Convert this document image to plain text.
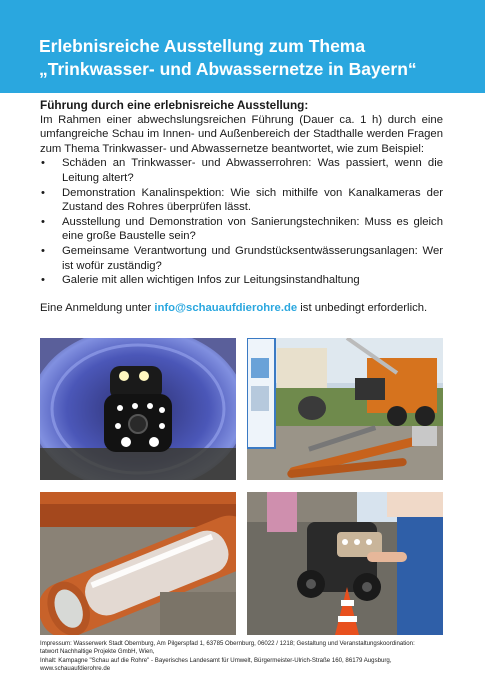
Erlebnisreiche Ausstellung zum Thema
„Trinkwasser- und Abwassernetze in Bayern“

Führung durch eine erlebnisreiche Ausstellung:

Im Rahmen einer abwechslungsreichen Führung (Dauer ca. 1 h) durch eine umfangreiche Schau im Innen- und Außenbereich der Stadthalle werden Fragen zum Thema Trinkwasser- und Abwassernetze beantwortet, wie zum Beispiel:

• Schäden an Trinkwasser- und Abwasserrohren: Was passiert, wenn die Leitung altert?
• Demonstration Kanalinspektion: Wie sich mithilfe von Kanalkameras der Zustand des Rohres überprüfen lässt.
• Ausstellung und Demonstration von Sanierungstechniken: Muss es gleich eine große Baustelle sein?
• Gemeinsame Verantwortung und Grundstücksentwässerungsanlagen: Wer ist wofür zuständig?
• Galerie mit allen wichtigen Infos zur Leitungsinstandhaltung
Eine Anmeldung unter info@schauaufdierohre.de ist unbedingt erforderlich.
Impressum: Wasserwerk Stadt Obernburg, Am Pilgerspfad 1, 63785 Obernburg, 06022 / 1218; Gestaltung und Veranstaltungskoordination:
tatwort Nachhaltige Projekte GmbH, Wien,
Inhalt: Kampagne "Schau auf die Rohre" - Bayerisches Landesamt für Umwelt, Bürgermeister-Ulrich-Straße 160, 86179 Augsburg,
www.schauaufdierohre.de
